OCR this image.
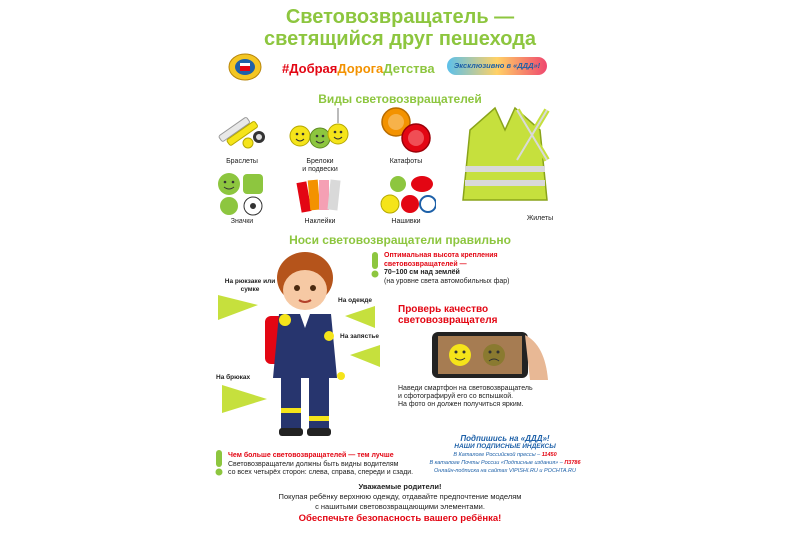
Световозвращатель —
светящийся друг пешехода
#ДобраяДорогаДетства	Эксклюзивно в «ДДД»!
Виды световозвращателей
Браслеты	Брелоки
и подвески
Катафоты
Жилеты
Значки	Наклейки	Нашивки
Носи световозвращатели правильно
На рюкзаке или сумке
На одежде
На запястье
На брюках
Оптимальная высота крепления световозвращателей —
70–100 см над землёй
(на уровне света автомобильных фар)
Проверь качество
световозвращателя
Наведи смартфон на световозвращатель
и сфотографируй его со вспышкой.
На фото он должен получиться ярким.
Чем больше световозвращателей — тем лучше
Световозвращатели должны быть видны водителям
со всех четырёх сторон: слева, справа, спереди и сзади.
Подпишись на «ДДД»!
НАШИ ПОДПИСНЫЕ ИНДЕКСЫ
В Каталоге Российской прессы – 11450
В каталоге Почты России «Подписные издания» – П3786
Онлайн-подписка на сайтах VIPISHI.RU и POCHTA.RU
Уважаемые родители!
Покупая ребёнку верхнюю одежду, отдавайте предпочтение моделям
с нашитыми световозвращающими элементами.
Обеспечьте безопасность вашего ребёнка!
